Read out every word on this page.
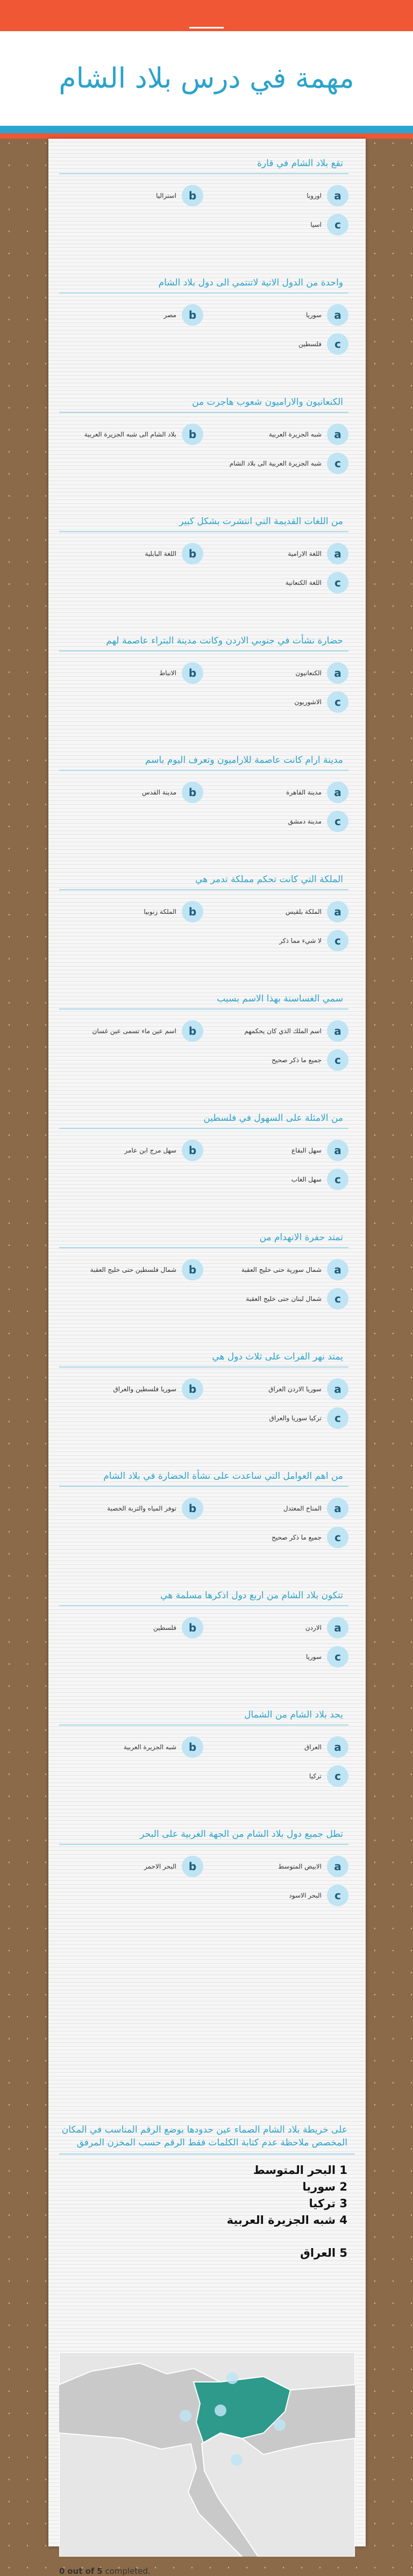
مهمة في درس بلاد الشام
تقع بلاد الشام في قارة
a
اوروبا
b
استراليا
c
اسيا
واحدة من الدول الاتية لاتنتمي الى دول بلاد الشام
a
سوريا
b
مصر
c
فلسطين
الكنعانيون والاراميون شعوب هاجرت من
a
شبه الجزيرة العربية
b
بلاد الشام الى شبه الجزيرة العربية
c
شبه الجزيرة العربية الى بلاد الشام
من اللغات القديمة التي انتشرت بشكل كبير
a
اللغة الارامية
b
اللغة البابلية
c
اللغة الكنعانية
حضارة نشأت في جنوبي الاردن وكانت مدينة البتراء عاصمة لهم
a
الكنعانيون
b
الانباط
c
الاشوريون
مدينة ارام كانت عاصمة للاراميون وتعرف اليوم باسم
a
مدينة القاهرة
b
مدينة القدس
c
مدينة دمشق
الملكة التي كانت تحكم مملكة تدمر هي
a
الملكة بلقيس
b
الملكة زنوبيا
c
لا شيء مما ذكر
سمي الغساسنة بهذا الاسم بسبب
a
اسم الملك الذي كان يحكمهم
b
اسم عين ماء تسمى عين غسان
c
جميع ما ذكر صحيح
من الامثلة على السهول في فلسطين
a
سهل البقاع
b
سهل مرج ابن عامر
c
سهل الغاب
تمتد حفرة الانهدام من
a
شمال سورية حتى خليج العقبة
b
شمال فلسطين حتى خليج العقبة
c
شمال لبنان حتى خليج العقبة
يمتد نهر الفرات على ثلاث دول هي
a
سوريا الاردن العراق
b
سوريا فلسطين والعراق
c
تركيا سوريا والعراق
من اهم العوامل التي ساعدت على نشأة الحضارة في بلاد الشام
a
المناخ المعتدل
b
توفر المياه والتربة الخصبة
c
جميع ما ذكر صحيح
تتكون بلاد الشام من اربع دول اذكرها مسلمة هي
a
الاردن
b
فلسطين
c
سوريا
يحد بلاد الشام من الشمال
a
العراق
b
شبه الجزيرة العربية
c
تركيا
تطل جميع دول بلاد الشام من الجهة الغربية على البحر
a
الابيض المتوسط
b
البحر الاحمر
c
البحر الاسود
على خريطة بلاد الشام الصماء عين حدودها بوضع الرقم المناسب في المكان المخصص ملاحظة عدم كتابة الكلمات فقط الرقم حسب المخزن المرفق

1 البحر المتوسط

2 سوريا

3 تركيا

4 شبه الجزيرة العربية

5 العراق

0 out of 5 completed.
